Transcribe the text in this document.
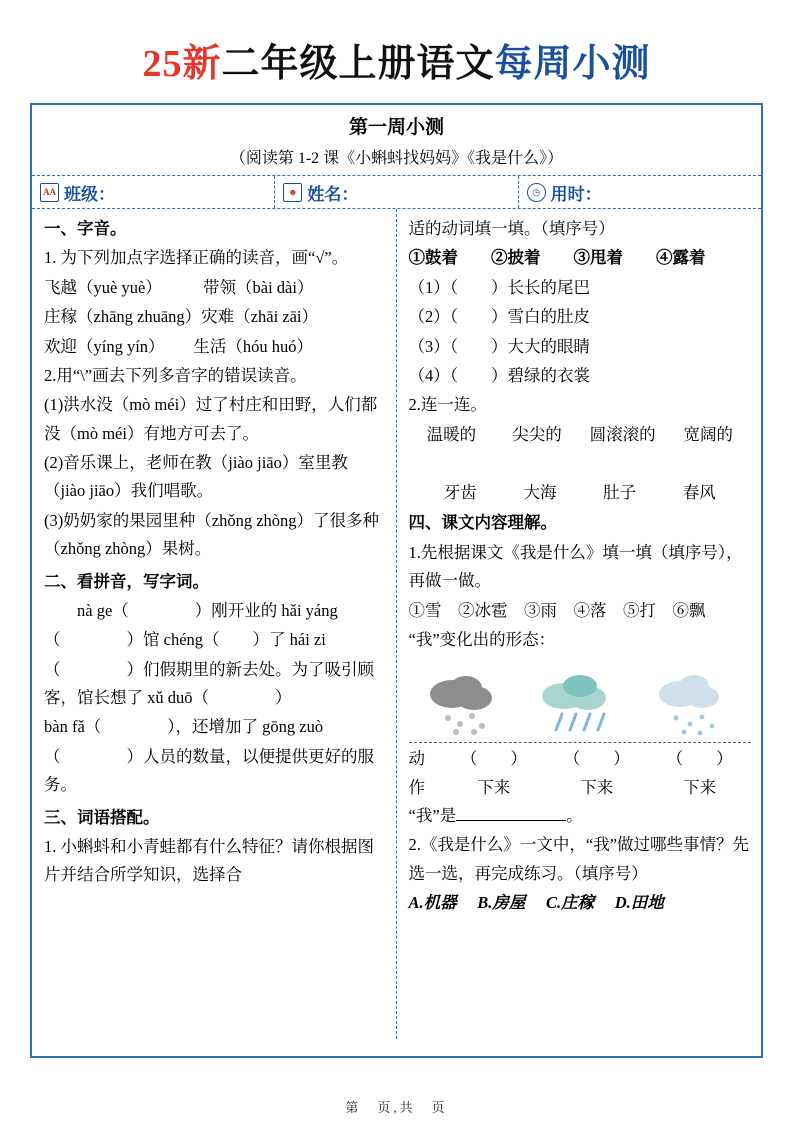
25新二年级上册语文每周小测
第一周小测
（阅读第 1-2 课《小蝌蚪找妈妈》《我是什么》）
AA 班级：	☻ 姓名：	◷ 用时：

一、字音。

1. 为下列加点字选择正确的读音，画“√”。

飞越（yuè yuè）　　　带领（bài dài）

庄稼（zhāng zhuāng）灾难（zhāi zāi）

欢迎（yíng yín）　　 生活（hóu huó）

2.用“\”画去下列多音字的错误读音。

(1)洪水没（mò méi）过了村庄和田野，人们都没（mò méi）有地方可去了。

(2)音乐课上，老师在教（jiào jiāo）室里教（jiào jiāo）我们唱歌。

(3)奶奶家的果园里种（zhǒng zhòng）了很多种（zhǒng zhòng）果树。

二、看拼音，写字词。

　　nà ge（　　　　）刚开业的 hǎi yáng

（　　　　）馆 chéng（　　）了 hái zi

（　　　　）们假期里的新去处。为了吸引顾客，馆长想了 xǔ duō（　　　　）

bàn fǎ（　　　　），还增加了 gōng zuò

（　　　　）人员的数量，以便提供更好的服务。

三、词语搭配。

1. 小蝌蚪和小青蛙都有什么特征？请你根据图片并结合所学知识，选择合

适的动词填一填。（填序号）

①鼓着　　②披着　　③甩着　　④露着

（1）（　　）长长的尾巴

（2）（　　）雪白的肚皮

（3）（　　）大大的眼睛

（4）（　　）碧绿的衣裳

2.连一连。

温暖的	尖尖的	圆滚滚的	宽阔的
牙齿	大海	肚子	春风

四、课文内容理解。

1.先根据课文《我是什么》填一填（填序号），再做一做。

①雪　②冰雹　③雨　④落　⑤打　⑥飘

“我”变化出的形态：

动
作
（　　）	（　　）	（　　）
下来	下来	下来

“我”是	。

2.《我是什么》一文中，“我”做过哪些事情？先选一选，再完成练习。（填序号）

A.机器　 B.房屋　 C.庄稼　 D.田地

第　页,共　页
